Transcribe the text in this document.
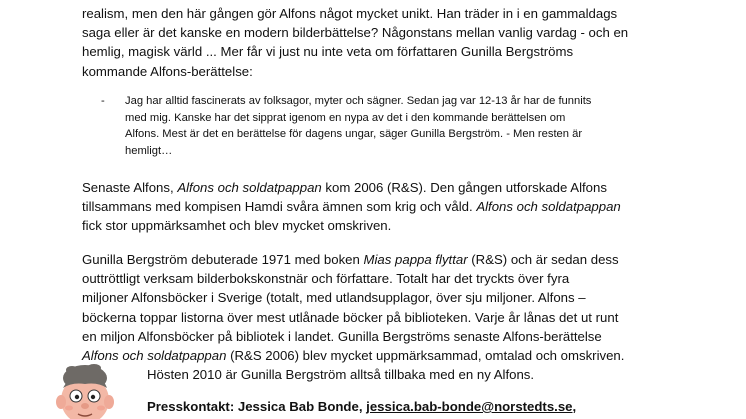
realism, men den här gången gör Alfons något mycket unikt. Han träder in i en gammaldags
saga eller är det kanske en modern bilderbättelse? Någonstans mellan vanlig vardag - och en
hemlig, magisk värld ... Mer får vi just nu inte veta om författaren Gunilla Bergströms
kommande Alfons-berättelse:

- Jag har alltid fascinerats av folksagor, myter och sägner. Sedan jag var 12-13 år har de funnits
med mig. Kanske har det sipprat igenom en nypa av det i den kommande berättelsen om
Alfons. Mest är det en berättelse för dagens ungar, säger Gunilla Bergström. - Men resten är
hemligt…

Senaste Alfons, Alfons och soldatpappan kom 2006 (R&S). Den gången utforskade Alfons
tillsammans med kompisen Hamdi svåra ämnen som krig och våld. Alfons och soldatpappan
fick stor uppmärksamhet och blev mycket omskriven.

Gunilla Bergström debuterade 1971 med boken Mias pappa flyttar (R&S) och är sedan dess
outtröttligt verksam bilderbokskonstnär och författare. Totalt har det tryckts över fyra
miljoner Alfonsböcker i Sverige (totalt, med utlandsupplagor, över sju miljoner. Alfons –
böckerna toppar listorna över mest utlånade böcker på biblioteken. Varje år lånas det ut runt
en miljon Alfonsböcker på bibliotek i landet. Gunilla Bergströms senaste Alfons-berättelse
Alfons och soldatpappan (R&S 2006) blev mycket uppmärksammad, omtalad och omskriven.

Hösten 2010 är Gunilla Bergström alltså tillbaka med en ny Alfons.

Presskontakt: Jessica Bab Bonde, jessica.bab-bonde@norstedts.se,
